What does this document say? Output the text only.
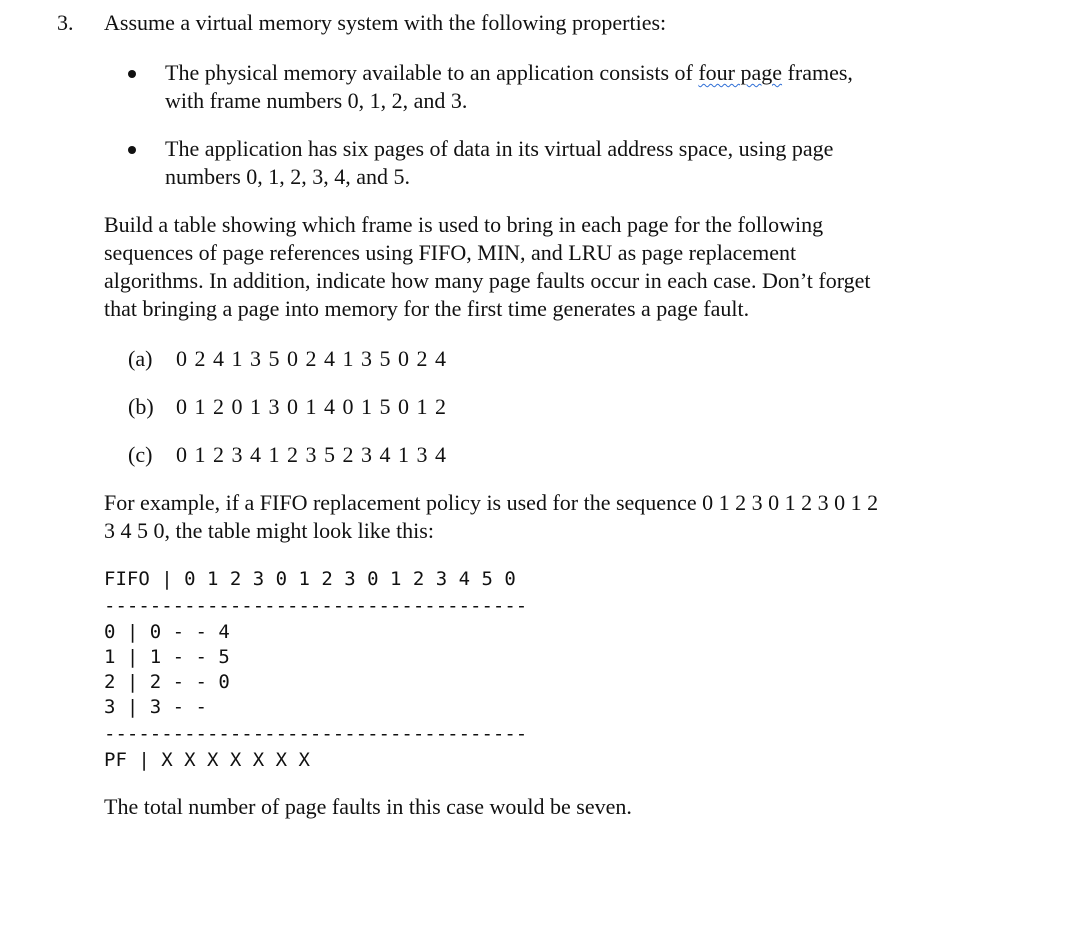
3. Assume a virtual memory system with the following properties:
The physical memory available to an application consists of four page frames,
with frame numbers 0, 1, 2, and 3.
The application has six pages of data in its virtual address space, using page
numbers 0, 1, 2, 3, 4, and 5.
Build a table showing which frame is used to bring in each page for the following
sequences of page references using FIFO, MIN, and LRU as page replacement
algorithms. In addition, indicate how many page faults occur in each case. Don’t forget
that bringing a page into memory for the first time generates a page fault.
(a) 0 2 4 1 3 5 0 2 4 1 3 5 0 2 4
(b) 0 1 2 0 1 3 0 1 4 0 1 5 0 1 2
(c) 0 1 2 3 4 1 2 3 5 2 3 4 1 3 4
For example, if a FIFO replacement policy is used for the sequence 0 1 2 3 0 1 2 3 0 1 2
3 4 5 0, the table might look like this:
FIFO | 0 1 2 3 0 1 2 3 0 1 2 3 4 5 0
-------------------------------------
0 | 0 - - 4
1 | 1 - - 5
2 | 2 - - 0
3 | 3 - -
-------------------------------------
PF | X X X X X X X
The total number of page faults in this case would be seven.
